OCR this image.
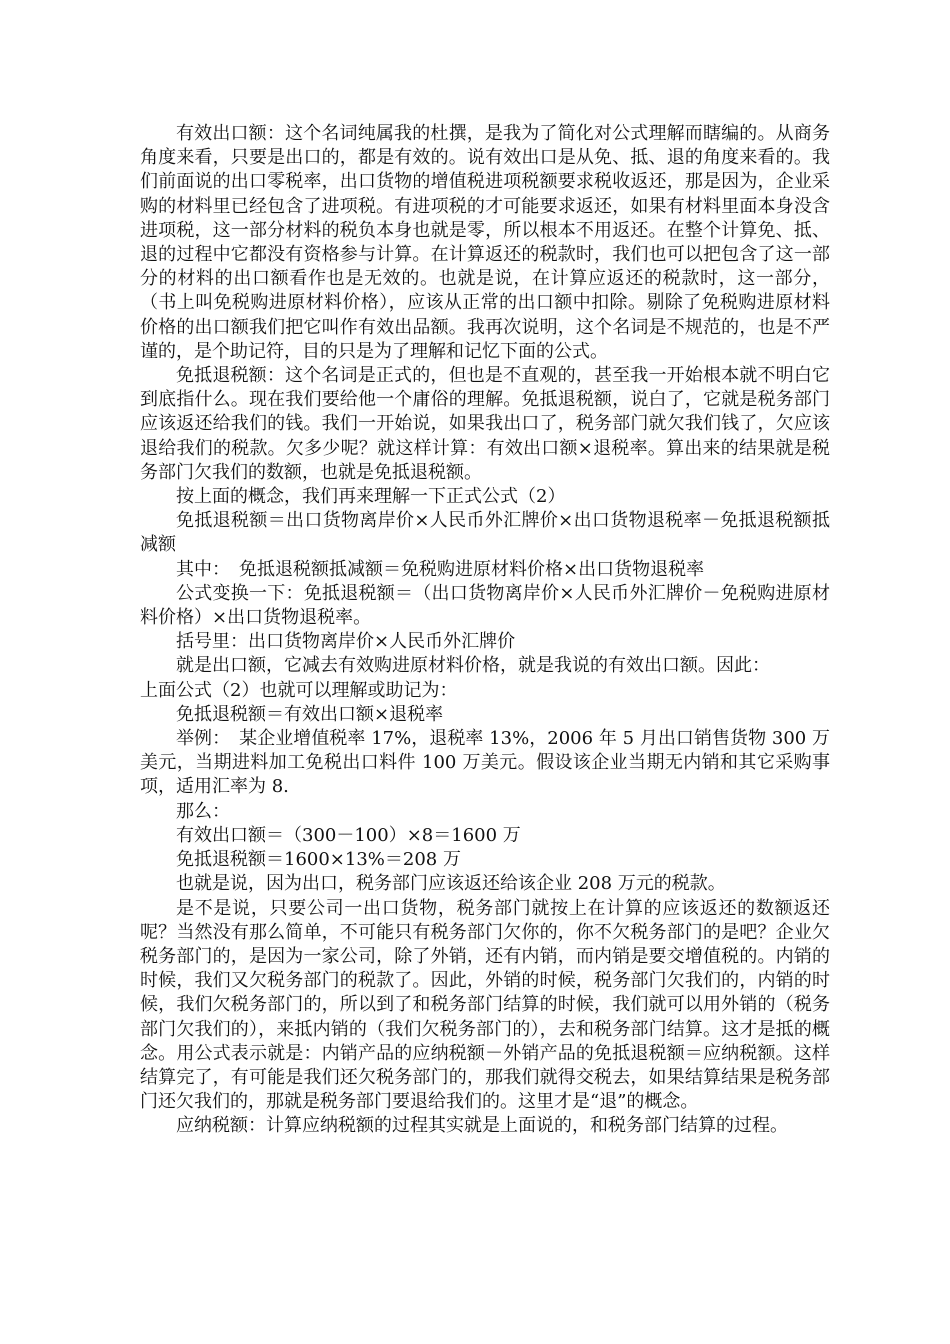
有效出口额：这个名词纯属我的杜撰，是我为了简化对公式理解而瞎编的。从商务角度来看，只要是出口的，都是有效的。说有效出口是从免、抵、退的角度来看的。我们前面说的出口零税率，出口货物的增值税进项税额要求税收返还，那是因为，企业采购的材料里已经包含了进项税。有进项税的才可能要求返还，如果有材料里面本身没含进项税，这一部分材料的税负本身也就是零，所以根本不用返还。在整个计算免、抵、退的过程中它都没有资格参与计算。在计算返还的税款时，我们也可以把包含了这一部分的材料的出口额看作也是无效的。也就是说，在计算应返还的税款时，这一部分，（书上叫免税购进原材料价格），应该从正常的出口额中扣除。剔除了免税购进原材料价格的出口额我们把它叫作有效出品额。我再次说明，这个名词是不规范的，也是不严谨的，是个助记符，目的只是为了理解和记忆下面的公式。

免抵退税额：这个名词是正式的，但也是不直观的，甚至我一开始根本就不明白它到底指什么。现在我们要给他一个庸俗的理解。免抵退税额，说白了，它就是税务部门应该返还给我们的钱。我们一开始说，如果我出口了，税务部门就欠我们钱了，欠应该退给我们的税款。欠多少呢？就这样计算：有效出口额×退税率。算出来的结果就是税务部门欠我们的数额，也就是免抵退税额。

按上面的概念，我们再来理解一下正式公式（2）

免抵退税额＝出口货物离岸价×人民币外汇牌价×出口货物退税率－免抵退税额抵减额

其中：　免抵退税额抵减额＝免税购进原材料价格×出口货物退税率

公式变换一下：免抵退税额＝（出口货物离岸价×人民币外汇牌价－免税购进原材料价格）×出口货物退税率。

括号里：出口货物离岸价×人民币外汇牌价

就是出口额，它减去有效购进原材料价格，就是我说的有效出口额。因此：

上面公式（2）也就可以理解或助记为：

免抵退税额＝有效出口额×退税率

举例：　某企业增值税率 17%，退税率 13%，2006 年 5 月出口销售货物 300 万美元，当期进料加工免税出口料件 100 万美元。假设该企业当期无内销和其它采购事项，适用汇率为 8.

那么：

有效出口额＝（300－100）×8＝1600 万

免抵退税额＝1600×13%＝208 万

也就是说，因为出口，税务部门应该返还给该企业 208 万元的税款。

是不是说，只要公司一出口货物，税务部门就按上在计算的应该返还的数额返还呢？当然没有那么简单，不可能只有税务部门欠你的，你不欠税务部门的是吧？企业欠税务部门的，是因为一家公司，除了外销，还有内销，而内销是要交增值税的。内销的时候，我们又欠税务部门的税款了。因此，外销的时候，税务部门欠我们的，内销的时候，我们欠税务部门的，所以到了和税务部门结算的时候，我们就可以用外销的（税务部门欠我们的），来抵内销的（我们欠税务部门的），去和税务部门结算。这才是抵的概念。用公式表示就是：内销产品的应纳税额－外销产品的免抵退税额＝应纳税额。这样结算完了，有可能是我们还欠税务部门的，那我们就得交税去，如果结算结果是税务部门还欠我们的，那就是税务部门要退给我们的。这里才是“退”的概念。

应纳税额：计算应纳税额的过程其实就是上面说的，和税务部门结算的过程。
